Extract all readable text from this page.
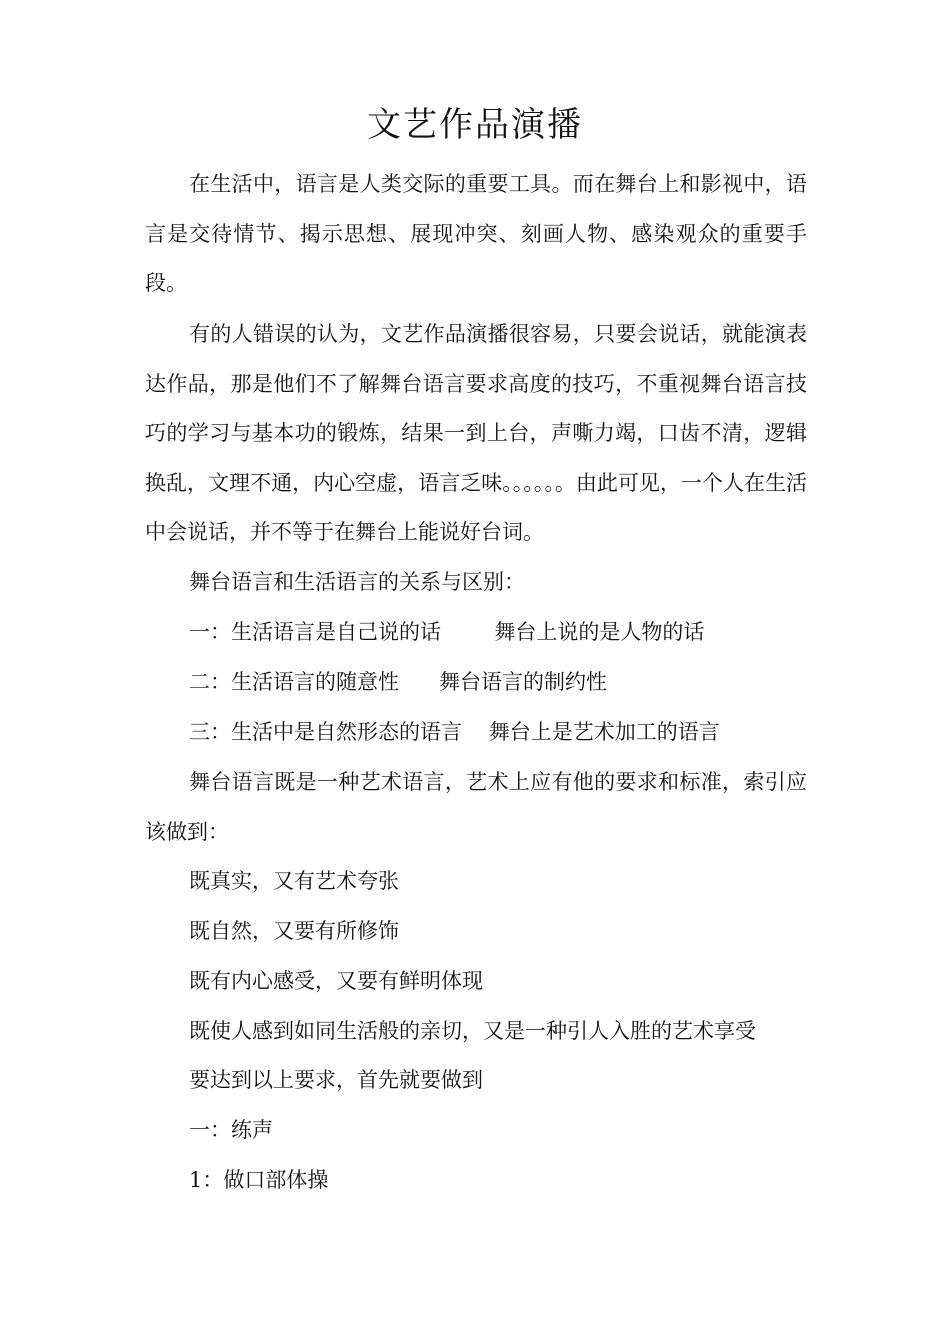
文艺作品演播

在生活中，语言是人类交际的重要工具。而在舞台上和影视中，语言是交待情节、揭示思想、展现冲突、刻画人物、感染观众的重要手段。

有的人错误的认为，文艺作品演播很容易，只要会说话，就能演表达作品，那是他们不了解舞台语言要求高度的技巧，不重视舞台语言技巧的学习与基本功的锻炼，结果一到上台，声嘶力竭，口齿不清，逻辑换乱，文理不通，内心空虚，语言乏味。。。。。。由此可见，一个人在生活中会说话，并不等于在舞台上能说好台词。

舞台语言和生活语言的关系与区别：

一：生活语言是自己说的话        舞台上说的是人物的话

二：生活语言的随意性      舞台语言的制约性

三：生活中是自然形态的语言    舞台上是艺术加工的语言

舞台语言既是一种艺术语言，艺术上应有他的要求和标准，索引应该做到：

既真实，又有艺术夸张

既自然，又要有所修饰

既有内心感受，又要有鲜明体现

既使人感到如同生活般的亲切，又是一种引人入胜的艺术享受

要达到以上要求，首先就要做到

一：练声

1：做口部体操
